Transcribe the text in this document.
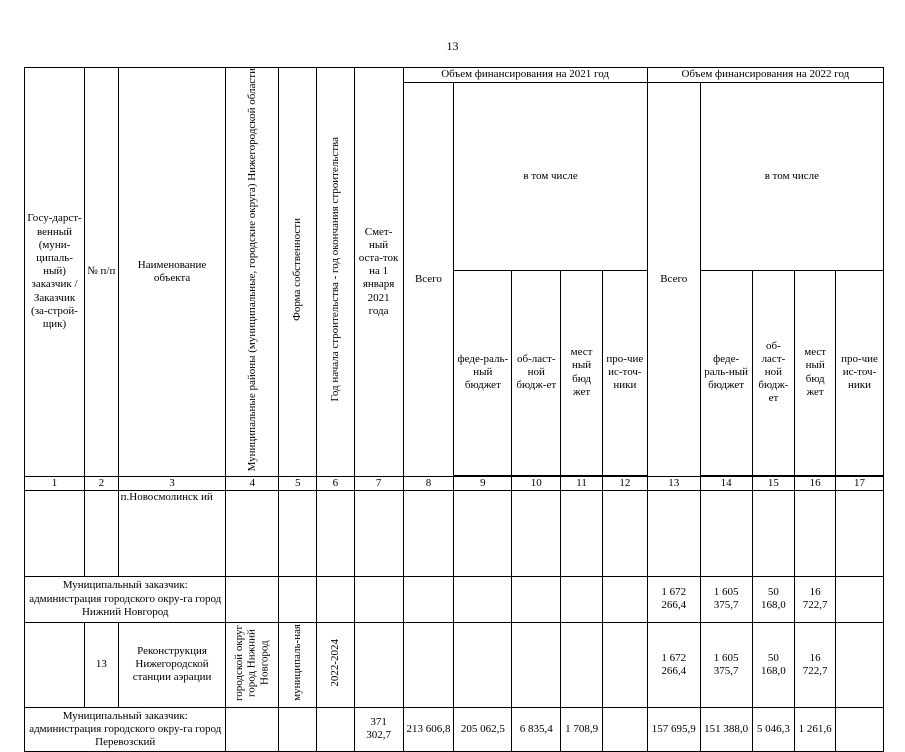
13
Госу-дарст-венный (муни-ципаль-ный) заказчик / Заказчик (за-строй-щик)	№ п/п	Наименование объекта	Муниципальные районы (муниципальные, городские округа) Нижегородской области	Форма собственности	Год начала строительства - год окончания строительства	Смет-ный оста-ток на 1 января 2021 года	Объем финансирования на 2021 год					Объем финансирования на 2022 год				
							Всего	в том числе				Всего	в том числе			
								феде-раль-ный бюджет	об-ласт-ной бюдж-ет	мест ный бюд жет	про-чие ис-точ-ники		феде-раль-ный бюджет	об-ласт-ной бюдж-ет	мест ный бюд жет	про-чие ис-точ-ники

1	2	3	4	5	6	7	8	9	10	11	12	13	14	15	16	17
		п.Новосмолинск ий														
Муниципальный заказчик: администрация городского окру-га город Нижний Новгород												1 672 266,4	1 605 375,7	50 168,0	16 722,7	
	13	Реконструкция Нижегородской станции аэрации	городской округ город Нижний Новгород	муниципаль-ная	2022-2024							1 672 266,4	1 605 375,7	50 168,0	16 722,7	
Муниципальный заказчик: администрация городского окру-га город Перевозский						371 302,7	213 606,8	205 062,5	6 835,4	1 708,9		157 695,9	151 388,0	5 046,3	1 261,6	
